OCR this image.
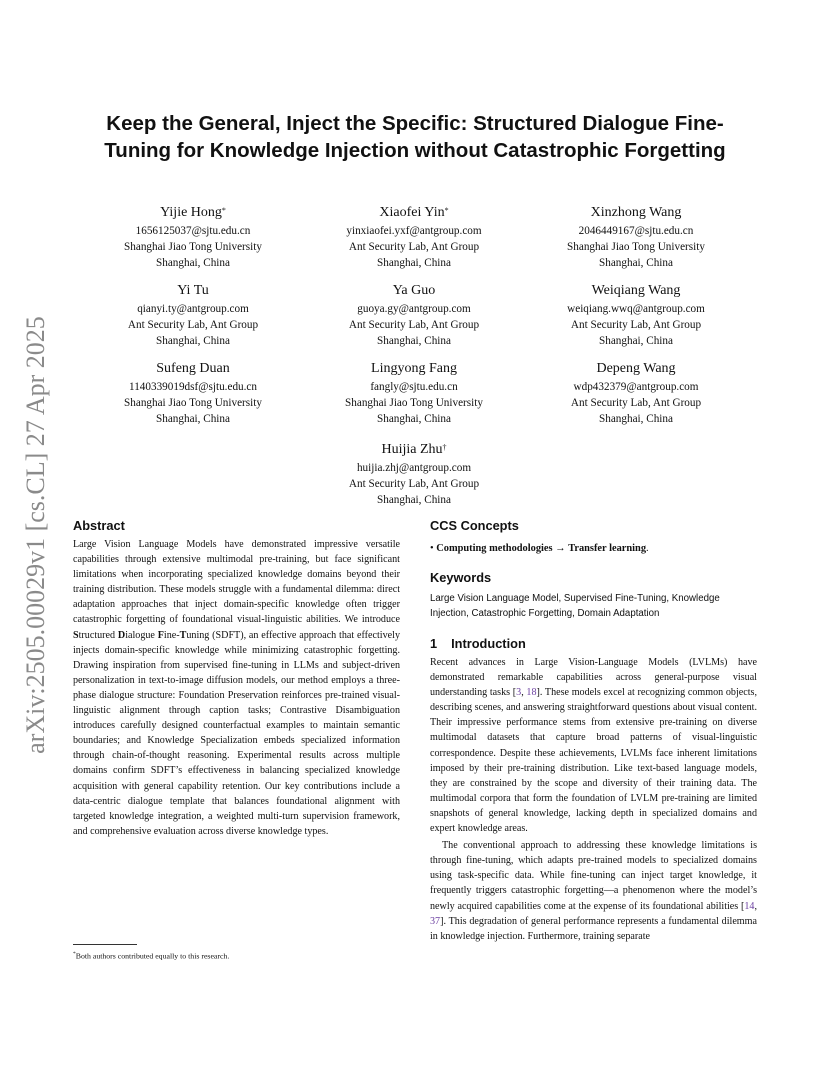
arXiv:2505.00029v1 [cs.CL] 27 Apr 2025
Keep the General, Inject the Specific: Structured Dialogue Fine-Tuning for Knowledge Injection without Catastrophic Forgetting
Yijie Hong*
1656125037@sjtu.edu.cn
Shanghai Jiao Tong University
Shanghai, China
Xiaofei Yin*
yinxiaofei.yxf@antgroup.com
Ant Security Lab, Ant Group
Shanghai, China
Xinzhong Wang
2046449167@sjtu.edu.cn
Shanghai Jiao Tong University
Shanghai, China
Yi Tu
qianyi.ty@antgroup.com
Ant Security Lab, Ant Group
Shanghai, China
Ya Guo
guoya.gy@antgroup.com
Ant Security Lab, Ant Group
Shanghai, China
Weiqiang Wang
weiqiang.wwq@antgroup.com
Ant Security Lab, Ant Group
Shanghai, China
Sufeng Duan
1140339019dsf@sjtu.edu.cn
Shanghai Jiao Tong University
Shanghai, China
Lingyong Fang
fangly@sjtu.edu.cn
Shanghai Jiao Tong University
Shanghai, China
Depeng Wang
wdp432379@antgroup.com
Ant Security Lab, Ant Group
Shanghai, China
Huijia Zhu†
huijia.zhj@antgroup.com
Ant Security Lab, Ant Group
Shanghai, China
Abstract

Large Vision Language Models have demonstrated impressive versatile capabilities through extensive multimodal pre-training, but face significant limitations when incorporating specialized knowledge domains beyond their training distribution. These models struggle with a fundamental dilemma: direct adaptation approaches that inject domain-specific knowledge often trigger catastrophic forgetting of foundational visual-linguistic abilities. We introduce Structured Dialogue Fine-Tuning (SDFT), an effective approach that effectively injects domain-specific knowledge while minimizing catastrophic forgetting. Drawing inspiration from supervised fine-tuning in LLMs and subject-driven personalization in text-to-image diffusion models, our method employs a three-phase dialogue structure: Foundation Preservation reinforces pre-trained visual-linguistic alignment through caption tasks; Contrastive Disambiguation introduces carefully designed counterfactual examples to maintain semantic boundaries; and Knowledge Specialization embeds specialized information through chain-of-thought reasoning. Experimental results across multiple domains confirm SDFT’s effectiveness in balancing specialized knowledge acquisition with general capability retention. Our key contributions include a data-centric dialogue template that balances foundational alignment with targeted knowledge integration, a weighted multi-turn supervision framework, and comprehensive evaluation across diverse knowledge types.

CCS Concepts
• Computing methodologies → Transfer learning.
Keywords
Large Vision Language Model, Supervised Fine-Tuning, Knowledge Injection, Catastrophic Forgetting, Domain Adaptation
1 Introduction

Recent advances in Large Vision-Language Models (LVLMs) have demonstrated remarkable capabilities across general-purpose visual understanding tasks [3, 18]. These models excel at recognizing common objects, describing scenes, and answering straightforward questions about visual content. Their impressive performance stems from extensive pre-training on diverse multimodal datasets that capture broad patterns of visual-linguistic correspondence. Despite these achievements, LVLMs face inherent limitations imposed by their pre-training distribution. Like text-based language models, they are constrained by the scope and diversity of their training data. The multimodal corpora that form the foundation of LVLM pre-training are limited snapshots of general knowledge, lacking depth in specialized domains and expert knowledge areas.

The conventional approach to addressing these knowledge limitations is through fine-tuning, which adapts pre-trained models to specialized domains using task-specific data. While fine-tuning can inject target knowledge, it frequently triggers catastrophic forgetting—a phenomenon where the model’s newly acquired capabilities come at the expense of its foundational abilities [14, 37]. This degradation of general performance represents a fundamental dilemma in knowledge injection. Furthermore, training separate

*Both authors contributed equally to this research.
